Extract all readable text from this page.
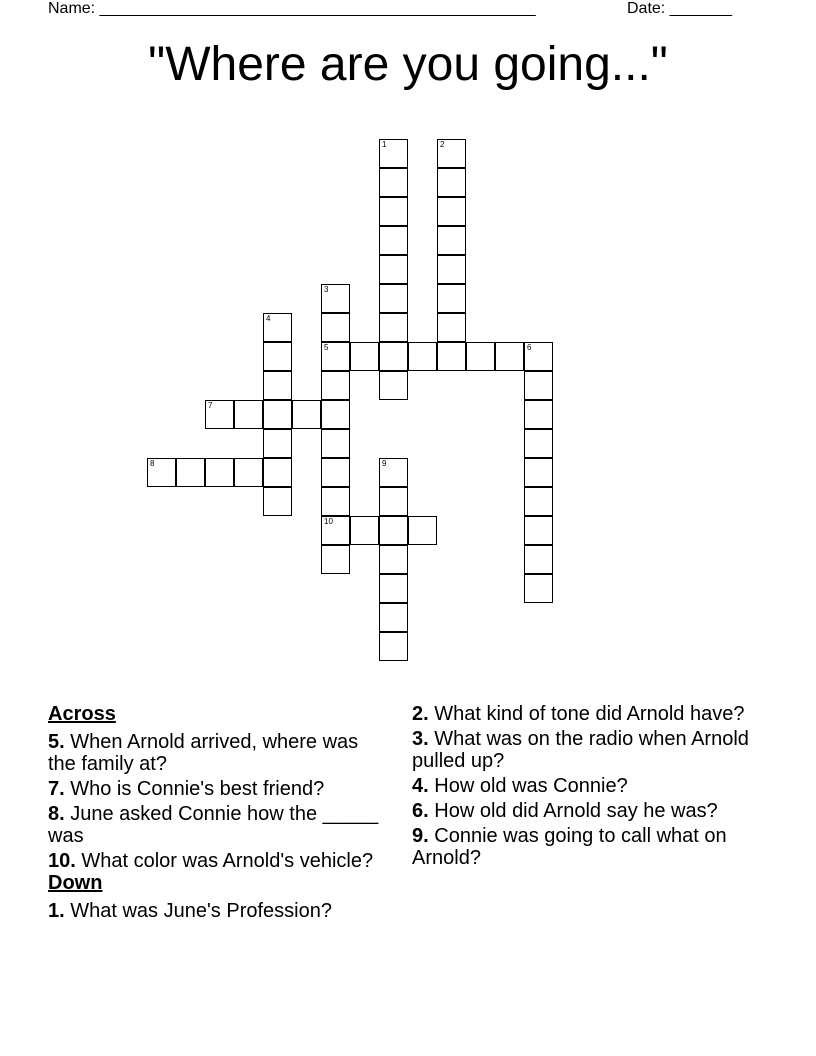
Name: _________________________________________________	Date: _______
"Where are you going..."
1	2
3
5
10
4
6
7
8	9
Across
5. When Arnold arrived, where was the family at?
7. Who is Connie's best friend?
8. June asked Connie how the _____ was
10. What color was Arnold's vehicle?
Down
1. What was June's Profession?
2. What kind of tone did Arnold have?
3. What was on the radio when Arnold pulled up?
4. How old was Connie?
6. How old did Arnold say he was?
9. Connie was going to call what on Arnold?
